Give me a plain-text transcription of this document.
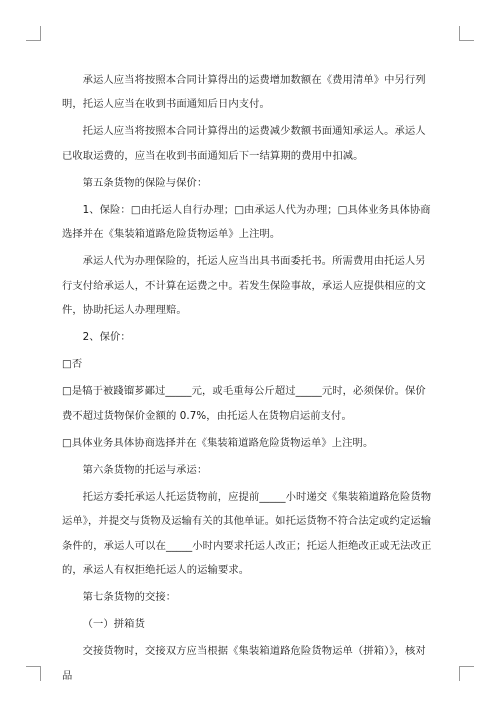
承运人应当将按照本合同计算得出的运费增加数额在《费用清单》中另行列明，托运人应当在收到书面通知后日内支付。

托运人应当将按照本合同计算得出的运费减少数额书面通知承运人。承运人已收取运费的，应当在收到书面通知后下一结算期的费用中扣减。

第五条货物的保险与保价：

1、保险：□由托运人自行办理；□由承运人代为办理；□具体业务具体协商选择并在《集装箱道路危险货物运单》上注明。

承运人代为办理保险的，托运人应当出具书面委托书。所需费用由托运人另行支付给承运人，不计算在运费之中。若发生保险事故，承运人应提供相应的文件，协助托运人办理理赔。

2、保价：

□否

□是犒于被踐镏芗鄙过_____元，或毛重每公斤超过_____元时，必须保价。保价费不超过货物保价金额的 0.7%，由托运人在货物启运前支付。

□具体业务具体协商选择并在《集装箱道路危险货物运单》上注明。

第六条货物的托运与承运：

托运方委托承运人托运货物前，应提前_____小时递交《集装箱道路危险货物运单》，并提交与货物及运输有关的其他单证。如托运货物不符合法定或约定运输条件的，承运人可以在_____小时内要求托运人改正；托运人拒绝改正或无法改正的，承运人有权拒绝托运人的运输要求。

第七条货物的交接：

（一）拼箱货

交接货物时，交接双方应当根据《集装箱道路危险货物运单（拼箱）》，核对品
